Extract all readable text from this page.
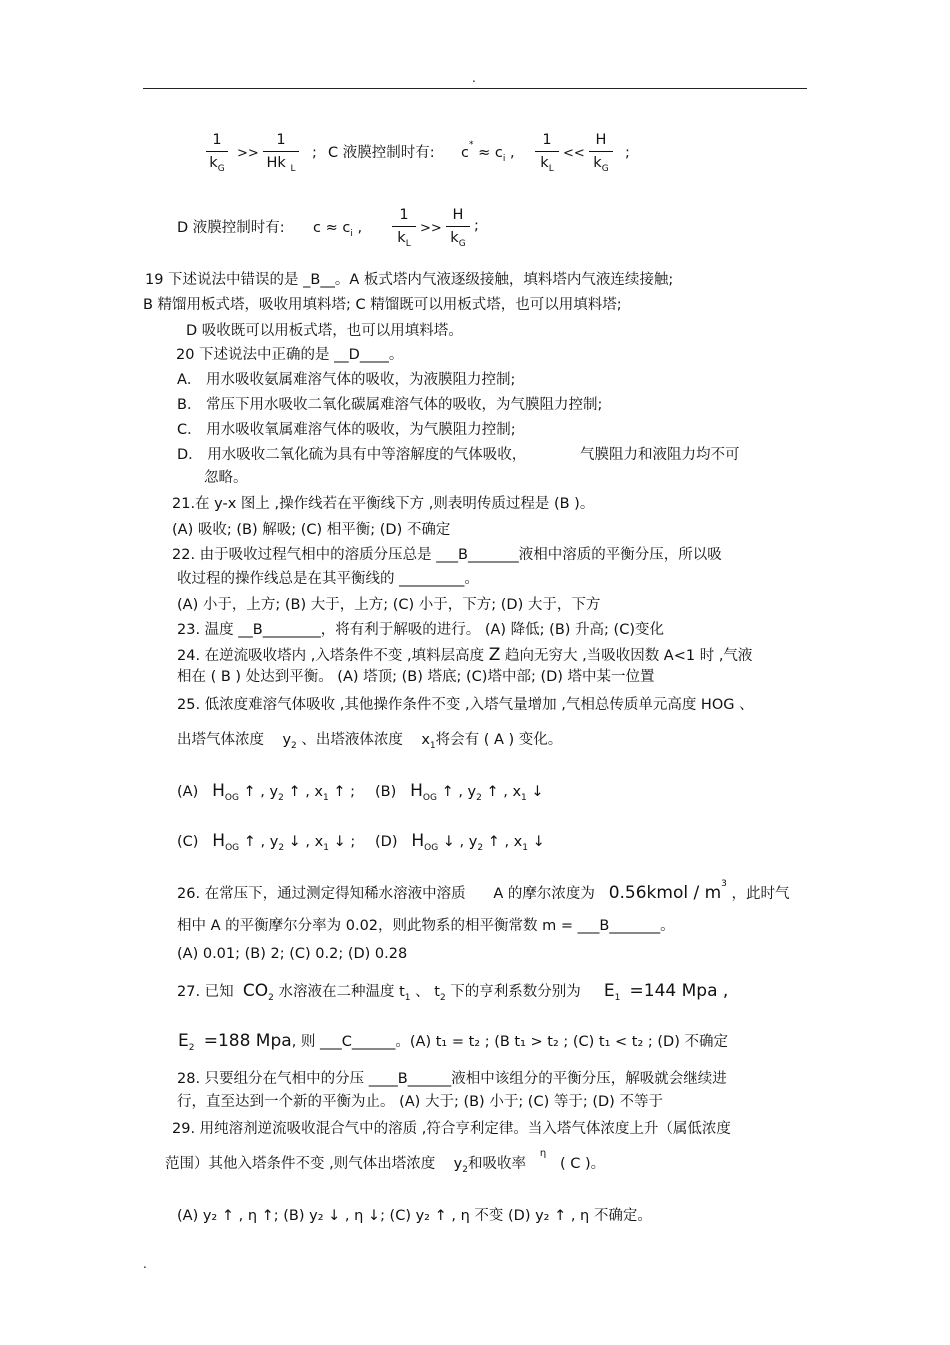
.
$\frac{1}{k_G} >> \frac{1}{Hk _L}$ ; C 液膜控制时有: $c^* \approx c_i$ , $\frac{1}{k_L} << \frac{H}{k_G}$ ;
D 液膜控制时有: $c \approx c_i$ , $\frac{1}{k_L} >> \frac{H}{k_G}$ ;
19 下述说法中错误的是 _B__。A 板式塔内气液逐级接触，填料塔内气液连续接触;
B 精馏用板式塔，吸收用填料塔; C 精馏既可以用板式塔，也可以用填料塔;
D 吸收既可以用板式塔，也可以用填料塔。
20 下述说法中正确的是 __D____。
A． 用水吸收氨属难溶气体的吸收，为液膜阻力控制;
B． 常压下用水吸收二氧化碳属难溶气体的吸收，为气膜阻力控制;
C． 用水吸收氧属难溶气体的吸收，为气膜阻力控制;
D． 用水吸收二氧化硫为具有中等溶解度的气体吸收，	气膜阻力和液阻力均不可
忽略。
21.在 y-x 图上 ,操作线若在平衡线下方 ,则表明传质过程是 (B )。
(A) 吸收; (B) 解吸; (C) 相平衡; (D) 不确定
22. 由于吸收过程气相中的溶质分压总是 ___B_______液相中溶质的平衡分压，所以吸
收过程的操作线总是在其平衡线的 _________。
(A) 小于，上方; (B) 大于，上方; (C) 小于，下方; (D) 大于，下方
23. 温度 __B________，将有利于解吸的进行。 (A) 降低; (B) 升高; (C)变化
24. 在逆流吸收塔内 ,入塔条件不变 ,填料层高度 Z 趋向无穷大 ,当吸收因数 A<1 时 ,气液
相在 ( B ) 处达到平衡。 (A) 塔顶; (B) 塔底; (C)塔中部; (D) 塔中某一位置
25. 低浓度难溶气体吸收 ,其他操作条件不变 ,入塔气量增加 ,气相总传质单元高度 HOG 、
出塔气体浓度 $y_2$ 、出塔液体浓度 $x_1$将会有 ( A ) 变化。
(A) $H_{OG}$ ↑ , $y_2$ ↑ , $x_1$ ↑ ; (B) $H_{OG}$ ↑ , $y_2$ ↑ , $x_1$ ↓
(C) $H_{OG}$ ↑ , $y_2$ ↓ , $x_1$ ↓ ; (D) $H_{OG}$ ↓ , $y_2$ ↑ , $x_1$ ↓
26. 在常压下，通过测定得知稀水溶液中溶质 A 的摩尔浓度为 0.56kmol / $m^3$ ，此时气
相中 A 的平衡摩尔分率为 0.02，则此物系的相平衡常数 m = ___B_______。
(A) 0.01; (B) 2; (C) 0.2; (D) 0.28
27. 已知 $CO_2$ 水溶液在二种温度 $t_1$ 、 $t_2$ 下的亨利系数分别为 $E_1 =144$ Mpa ,
$E_2 =188$ Mpa, 则 ___C______。(A) t₁ = t₂ ; (B t₁ > t₂ ; (C) t₁ < t₂ ; (D) 不确定
28. 只要组分在气相中的分压 ____B______液相中该组分的平衡分压，解吸就会继续进
行，直至达到一个新的平衡为止。 (A) 大于; (B) 小于; (C) 等于; (D) 不等于
29. 用纯溶剂逆流吸收混合气中的溶质 ,符合亨利定律。当入塔气体浓度上升（属低浓度
范围）其他入塔条件不变 ,则气体出塔浓度 $y_2$和吸收率   $^\eta$   ( C )。
(A) y₂ ↑ , η ↑; (B) y₂ ↓ , η ↓; (C) y₂ ↑ , η 不变 (D) y₂ ↑ , η 不确定。
.
